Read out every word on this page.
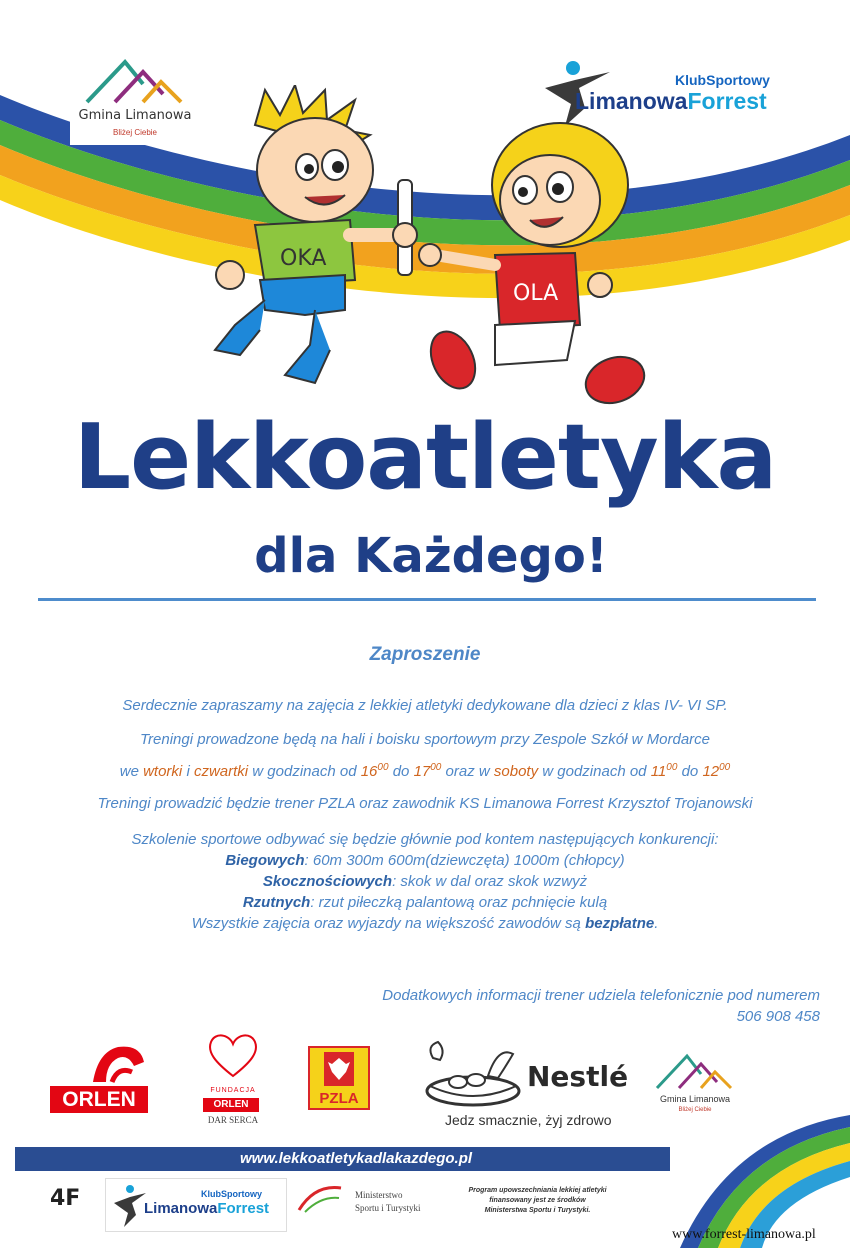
Gmina Limanowa
Bliżej Ciebie
KlubSportowy
LimanowaForrest
OKA
OLA
Lekkoatletyka
dla Każdego!
Zaproszenie
Serdecznie zapraszamy na zajęcia z lekkiej atletyki dedykowane dla dzieci z klas IV- VI SP.
Treningi prowadzone będą na hali i boisku sportowym przy Zespole Szkół w Mordarce
we wtorki i czwartki w godzinach od $16^{00}$ do $17^{00}$ oraz w soboty w godzinach od $11^{00}$ do $12^{00}$
Treningi prowadzić będzie trener PZLA oraz zawodnik KS Limanowa Forrest Krzysztof Trojanowski
Szkolenie sportowe odbywać się będzie głównie pod kontem następujących konkurencji:
Biegowych: 60m 300m 600m(dziewczęta) 1000m (chłopcy)
Skocznościowych: skok w dal oraz skok wzwyż
Rzutnych: rzut piłeczką palantową oraz pchnięcie kulą
Wszystkie zajęcia oraz wyjazdy na większość zawodów są bezpłatne.
Dodatkowych informacji trener udziela telefonicznie pod numerem
506 908 458
ORLEN	FUNDACJA
ORLEN
DAR SERCA
PZLA
Nestlé
Jedz smacznie, żyj zdrowo
Gmina Limanowa
Bliżej Ciebie
www.lekkoatletykadlakazdego.pl
4F	KlubSportowy
LimanowaForrest
Ministerstwo
Sportu i Turystyki
Program upowszechniania lekkiej atletyki
finansowany jest ze środków
Ministerstwa Sportu i Turystyki.
www.forrest-limanowa.pl
